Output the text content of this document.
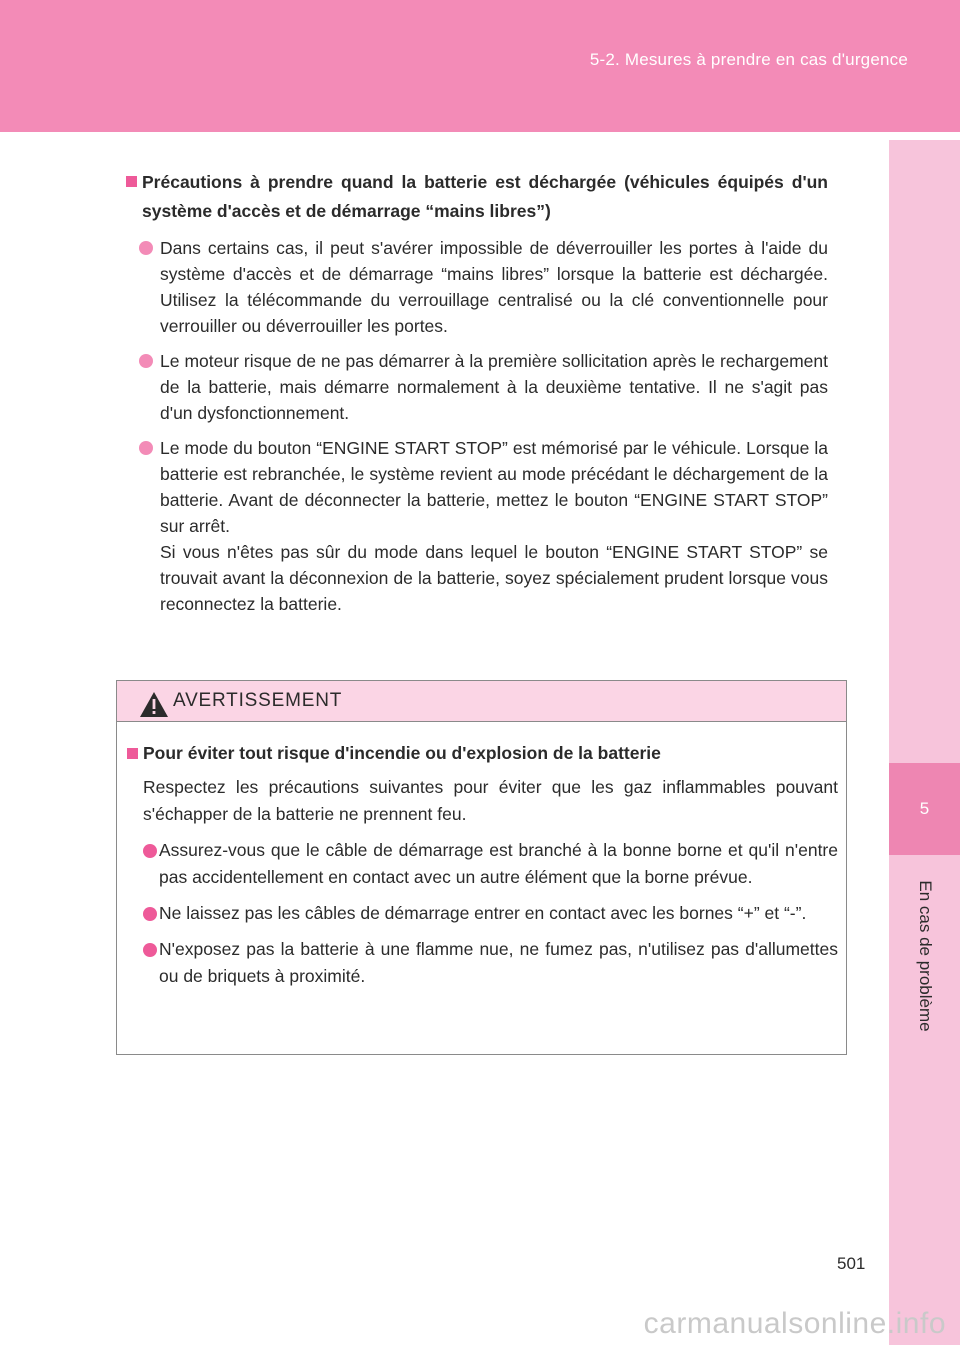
5-2. Mesures à prendre en cas d'urgence
5
En cas de problème
Précautions à prendre quand la batterie est déchargée (véhicules équipés d'un système d'accès et de démarrage “mains libres”)
Dans certains cas, il peut s'avérer impossible de déverrouiller les portes à l'aide du système d'accès et de démarrage “mains libres” lorsque la batterie est déchargée. Utilisez la télécommande du verrouillage centralisé ou la clé conventionnelle pour verrouiller ou déverrouiller les portes.
Le moteur risque de ne pas démarrer à la première sollicitation après le rechargement de la batterie, mais démarre normalement à la deuxième tentative. Il ne s'agit pas d'un dysfonctionnement.
Le mode du bouton “ENGINE START STOP” est mémorisé par le véhicule. Lorsque la batterie est rebranchée, le système revient au mode précédant le déchargement de la batterie. Avant de déconnecter la batterie, mettez le bouton “ENGINE START STOP” sur arrêt.
Si vous n'êtes pas sûr du mode dans lequel le bouton “ENGINE START STOP” se trouvait avant la déconnexion de la batterie, soyez spécialement prudent lorsque vous reconnectez la batterie.
AVERTISSEMENT
Pour éviter tout risque d'incendie ou d'explosion de la batterie
Respectez les précautions suivantes pour éviter que les gaz inflammables pouvant s'échapper de la batterie ne prennent feu.
Assurez-vous que le câble de démarrage est branché à la bonne borne et qu'il n'entre pas accidentellement en contact avec un autre élément que la borne prévue.
Ne laissez pas les câbles de démarrage entrer en contact avec les bornes “+” et “-”.
N'exposez pas la batterie à une flamme nue, ne fumez pas, n'utilisez pas d'allumettes ou de briquets à proximité.
501
carmanualsonline.info
